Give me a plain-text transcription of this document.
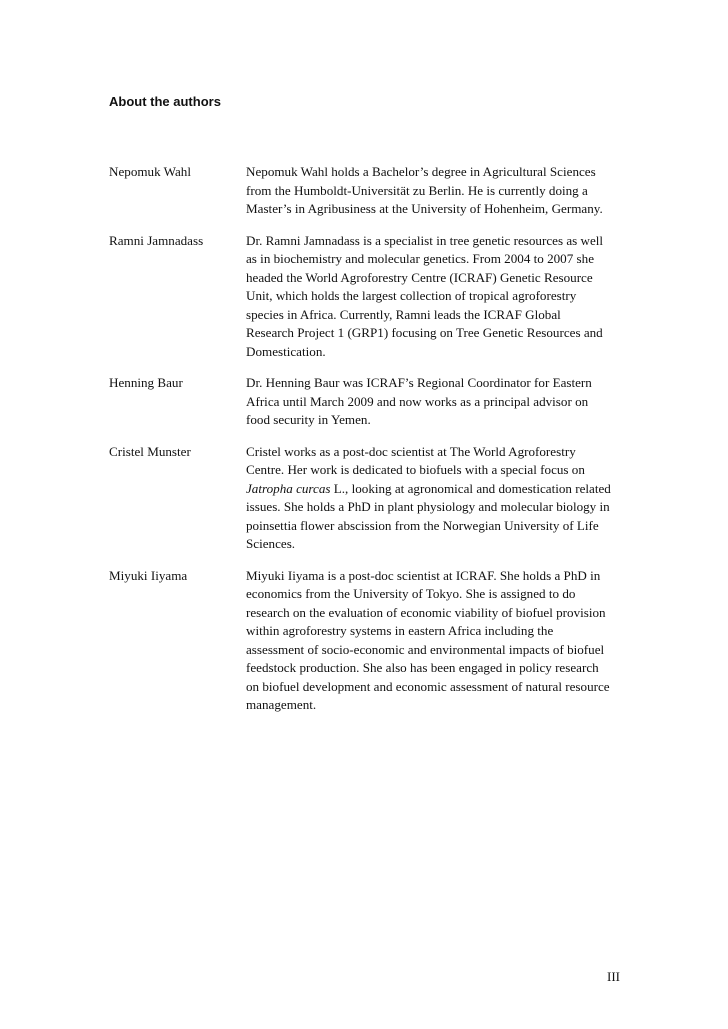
About the authors
Nepomuk Wahl	Nepomuk Wahl holds a Bachelor’s degree in Agricultural Sciences
from the Humboldt-Universität zu Berlin. He is currently doing a
Master’s in Agribusiness at the University of Hohenheim, Germany.
Ramni Jamnadass	Dr. Ramni Jamnadass is a specialist in tree genetic resources as well
as in biochemistry and molecular genetics. From 2004 to 2007 she
headed the World Agroforestry Centre (ICRAF) Genetic Resource
Unit, which holds the largest collection of tropical agroforestry
species in Africa. Currently, Ramni leads the ICRAF Global
Research Project 1 (GRP1) focusing on Tree Genetic Resources and
Domestication.
Henning Baur	Dr. Henning Baur was ICRAF’s Regional Coordinator for Eastern
Africa until March 2009 and now works as a principal advisor on
food security in Yemen.
Cristel Munster	Cristel works as a post-doc scientist at The World Agroforestry
Centre. Her work is dedicated to biofuels with a special focus on
Jatropha curcas L., looking at agronomical and domestication related
issues. She holds a PhD in plant physiology and molecular biology in
poinsettia flower abscission from the Norwegian University of Life
Sciences.
Miyuki Iiyama	Miyuki Iiyama is a post-doc scientist at ICRAF. She holds a PhD in
economics from the University of Tokyo. She is assigned to do
research on the evaluation of economic viability of biofuel provision
within agroforestry systems in eastern Africa including the
assessment of socio-economic and environmental impacts of biofuel
feedstock production. She also has been engaged in policy research
on biofuel development and economic assessment of natural resource
management.
III
